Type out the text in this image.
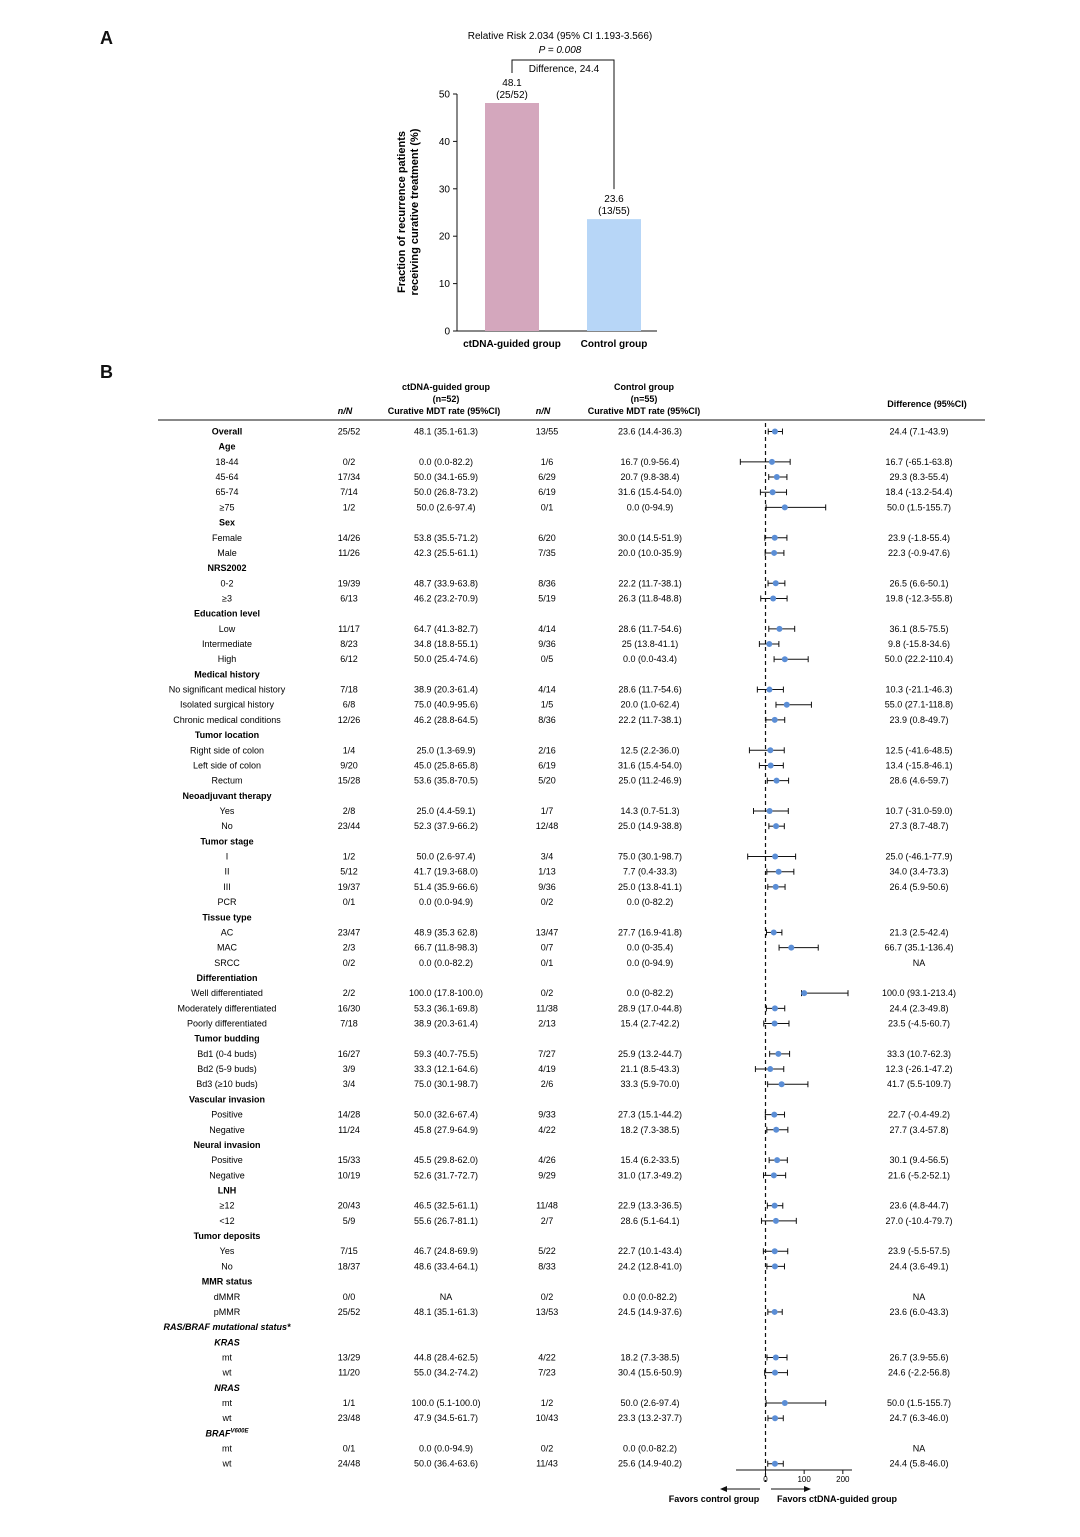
A
B
Relative Risk 2.034 (95% CI 1.193-3.566)
P = 0.008
Difference, 24.4
0
10
20
30
40
50
Fraction of recurrence patientsreceiving curative treatment (%)
48.1
(25/52)
ctDNA-guided group
23.6
(13/55)
Control group
n/N
ctDNA-guided group
(n=52)
Curative MDT rate (95%CI)	n/N
Control group
(n=55)
Curative MDT rate (95%CI)
Difference (95%CI)
Overall	25/52	48.1 (35.1-61.3)	13/55	23.6 (14.4-36.3)	24.4 (7.1-43.9)
Age
18-44	0/2	0.0 (0.0-82.2)	1/6	16.7 (0.9-56.4)	16.7 (-65.1-63.8)
45-64	17/34	50.0 (34.1-65.9)	6/29	20.7 (9.8-38.4)	29.3 (8.3-55.4)
65-74	7/14	50.0 (26.8-73.2)	6/19	31.6 (15.4-54.0)	18.4 (-13.2-54.4)
≥75	1/2	50.0 (2.6-97.4)	0/1	0.0 (0-94.9)	50.0 (1.5-155.7)
Sex
Female	14/26	53.8 (35.5-71.2)	6/20	30.0 (14.5-51.9)	23.9 (-1.8-55.4)
Male	11/26	42.3 (25.5-61.1)	7/35	20.0 (10.0-35.9)	22.3 (-0.9-47.6)
NRS2002
0-2	19/39	48.7 (33.9-63.8)	8/36	22.2 (11.7-38.1)	26.5 (6.6-50.1)
≥3	6/13	46.2 (23.2-70.9)	5/19	26.3 (11.8-48.8)	19.8 (-12.3-55.8)
Education level
Low	11/17	64.7 (41.3-82.7)	4/14	28.6 (11.7-54.6)	36.1 (8.5-75.5)
Intermediate	8/23	34.8 (18.8-55.1)	9/36	25 (13.8-41.1)	9.8 (-15.8-34.6)
High	6/12	50.0 (25.4-74.6)	0/5	0.0 (0.0-43.4)	50.0 (22.2-110.4)
Medical history
No significant medical history	7/18	38.9 (20.3-61.4)	4/14	28.6 (11.7-54.6)	10.3 (-21.1-46.3)
Isolated surgical history	6/8	75.0 (40.9-95.6)	1/5	20.0 (1.0-62.4)	55.0 (27.1-118.8)
Chronic medical conditions	12/26	46.2 (28.8-64.5)	8/36	22.2 (11.7-38.1)	23.9 (0.8-49.7)
Tumor location
Right side of colon	1/4	25.0 (1.3-69.9)	2/16	12.5 (2.2-36.0)	12.5 (-41.6-48.5)
Left side of colon	9/20	45.0 (25.8-65.8)	6/19	31.6 (15.4-54.0)	13.4 (-15.8-46.1)
Rectum	15/28	53.6 (35.8-70.5)	5/20	25.0 (11.2-46.9)	28.6 (4.6-59.7)
Neoadjuvant therapy
Yes	2/8	25.0 (4.4-59.1)	1/7	14.3 (0.7-51.3)	10.7 (-31.0-59.0)
No	23/44	52.3 (37.9-66.2)	12/48	25.0 (14.9-38.8)	27.3 (8.7-48.7)
Tumor stage
I	1/2	50.0 (2.6-97.4)	3/4	75.0 (30.1-98.7)	25.0 (-46.1-77.9)
II	5/12	41.7 (19.3-68.0)	1/13	7.7 (0.4-33.3)	34.0 (3.4-73.3)
III	19/37	51.4 (35.9-66.6)	9/36	25.0 (13.8-41.1)	26.4 (5.9-50.6)
PCR	0/1	0.0 (0.0-94.9)	0/2	0.0 (0-82.2)
Tissue type
AC	23/47	48.9 (35.3 62.8)	13/47	27.7 (16.9-41.8)	21.3 (2.5-42.4)
MAC	2/3	66.7 (11.8-98.3)	0/7	0.0 (0-35.4)	66.7 (35.1-136.4)
SRCC	0/2	0.0 (0.0-82.2)	0/1	0.0 (0-94.9)	NA
Differentiation
Well differentiated	2/2	100.0 (17.8-100.0)	0/2	0.0 (0-82.2)	100.0 (93.1-213.4)
Moderately differentiated	16/30	53.3 (36.1-69.8)	11/38	28.9 (17.0-44.8)	24.4 (2.3-49.8)
Poorly differentiated	7/18	38.9 (20.3-61.4)	2/13	15.4 (2.7-42.2)	23.5 (-4.5-60.7)
Tumor budding
Bd1 (0-4 buds)	16/27	59.3 (40.7-75.5)	7/27	25.9 (13.2-44.7)	33.3 (10.7-62.3)
Bd2 (5-9 buds)	3/9	33.3 (12.1-64.6)	4/19	21.1 (8.5-43.3)	12.3 (-26.1-47.2)
Bd3 (≥10 buds)	3/4	75.0 (30.1-98.7)	2/6	33.3 (5.9-70.0)	41.7 (5.5-109.7)
Vascular invasion
Positive	14/28	50.0 (32.6-67.4)	9/33	27.3 (15.1-44.2)	22.7 (-0.4-49.2)
Negative	11/24	45.8 (27.9-64.9)	4/22	18.2 (7.3-38.5)	27.7 (3.4-57.8)
Neural invasion
Positive	15/33	45.5 (29.8-62.0)	4/26	15.4 (6.2-33.5)	30.1 (9.4-56.5)
Negative	10/19	52.6 (31.7-72.7)	9/29	31.0 (17.3-49.2)	21.6 (-5.2-52.1)
LNH
≥12	20/43	46.5 (32.5-61.1)	11/48	22.9 (13.3-36.5)	23.6 (4.8-44.7)
<12	5/9	55.6 (26.7-81.1)	2/7	28.6 (5.1-64.1)	27.0 (-10.4-79.7)
Tumor deposits
Yes	7/15	46.7 (24.8-69.9)	5/22	22.7 (10.1-43.4)	23.9 (-5.5-57.5)
No	18/37	48.6 (33.4-64.1)	8/33	24.2 (12.8-41.0)	24.4 (3.6-49.1)
MMR status
dMMR	0/0	NA	0/2	0.0 (0.0-82.2)	NA
pMMR	25/52	48.1 (35.1-61.3)	13/53	24.5 (14.9-37.6)	23.6 (6.0-43.3)
RAS/BRAF mutational status*
KRAS
mt	13/29	44.8 (28.4-62.5)	4/22	18.2 (7.3-38.5)	26.7 (3.9-55.6)
wt	11/20	55.0 (34.2-74.2)	7/23	30.4 (15.6-50.9)	24.6 (-2.2-56.8)
NRAS
mt	1/1	100.0 (5.1-100.0)	1/2	50.0 (2.6-97.4)	50.0 (1.5-155.7)
wt	23/48	47.9 (34.5-61.7)	10/43	23.3 (13.2-37.7)	24.7 (6.3-46.0)
$BRAF^{V600E}$
mt	0/1	0.0 (0.0-94.9)	0/2	0.0 (0.0-82.2)	NA
wt	24/48	50.0 (36.4-63.6)	11/43	25.6 (14.9-40.2)	24.4 (5.8-46.0)
0	100	200
Favors control group Favors ctDNA-guided group
